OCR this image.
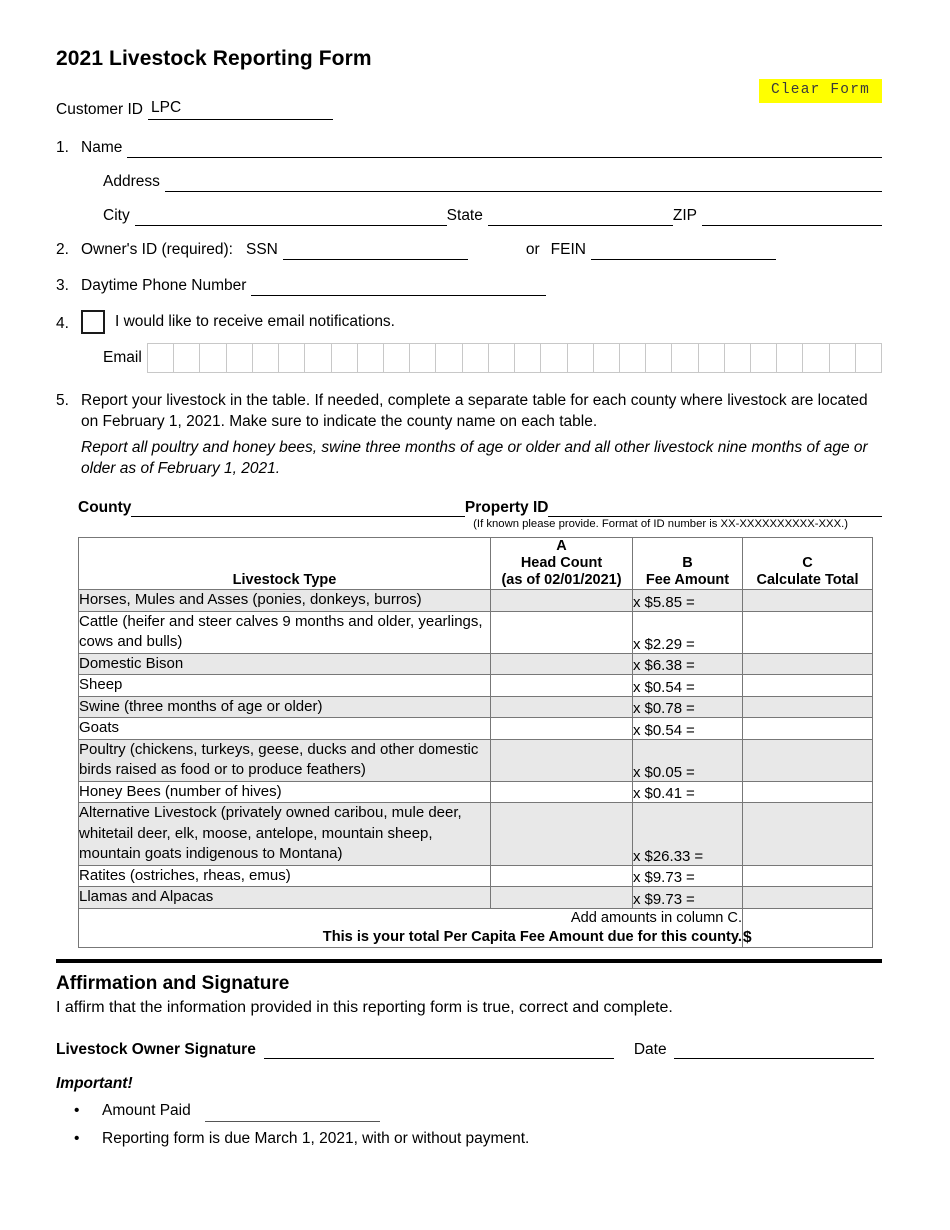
2021 Livestock Reporting Form
Clear Form
Customer ID LPC
1. Name
Address
City	State	ZIP
2. Owner's ID (required): SSN	or FEIN
3. Daytime Phone Number
4.	I would like to receive email notifications.
Email
5. Report your livestock in the table. If needed, complete a separate table for each county where livestock are located on February 1, 2021. Make sure to indicate the county name on each table.
Report all poultry and honey bees, swine three months of age or older and all other livestock nine months of age or older as of February 1, 2021.
County	Property ID
(If known please provide. Format of ID number is XX-XXXXXXXXXX-XXX.)
Livestock Type	
A
Head Count
(as of 02/01/2021)

B
Fee Amount

C
Calculate Total

Horses, Mules and Asses (ponies, donkeys, burros)		x $5.85 =	
Cattle (heifer and steer calves 9 months and older, yearlings, cows and bulls)		x $2.29 =	
Domestic Bison		x $6.38 =	
Sheep		x $0.54 =	
Swine (three months of age or older)		x $0.78 =	
Goats		x $0.54 =	
Poultry (chickens, turkeys, geese, ducks and other domestic birds raised as food or to produce feathers)		x $0.05 =	
Honey Bees (number of hives)		x $0.41 =	
Alternative Livestock (privately owned caribou, mule deer, whitetail deer, elk, moose, antelope, mountain sheep, mountain goats indigenous to Montana)		x $26.33 =	
Ratites (ostriches, rheas, emus)		x $9.73 =	
Llamas and Alpacas		x $9.73 =	

Add amounts in column C.
This is your total Per Capita Fee Amount due for this county.			$
Affirmation and Signature
I affirm that the information provided in this reporting form is true, correct and complete.
Livestock Owner Signature	Date
Important!
•	Amount Paid
•	Reporting form is due March 1, 2021, with or without payment.
